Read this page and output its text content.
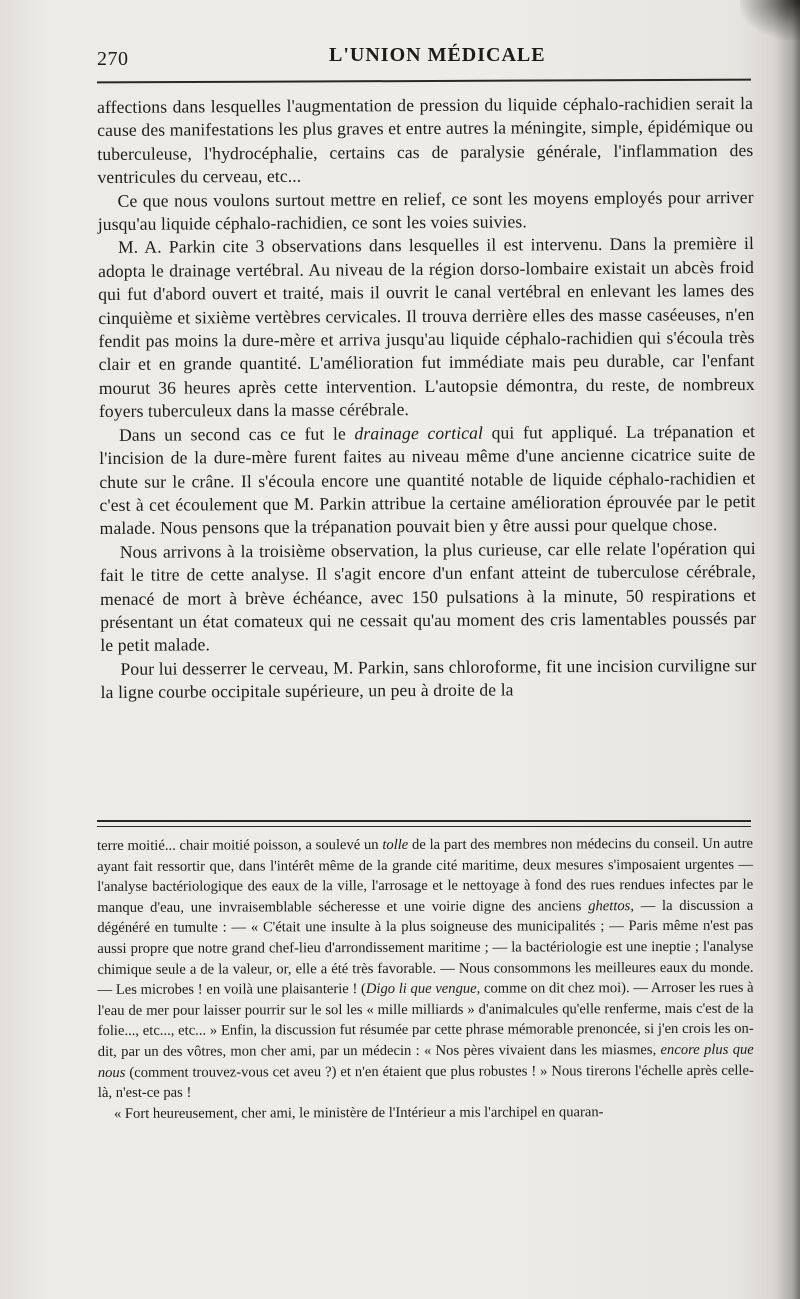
270	L'UNION MÉDICALE

affections dans lesquelles l'augmentation de pression du liquide céphalo-rachidien serait la cause des manifestations les plus graves et entre autres la méningite, simple, épidémique ou tuberculeuse, l'hydrocéphalie, certains cas de paralysie générale, l'inflammation des ventricules du cerveau, etc...

Ce que nous voulons surtout mettre en relief, ce sont les moyens employés pour arriver jusqu'au liquide céphalo-rachidien, ce sont les voies suivies.

M. A. Parkin cite 3 observations dans lesquelles il est intervenu. Dans la première il adopta le drainage vertébral. Au niveau de la région dorso-lombaire existait un abcès froid qui fut d'abord ouvert et traité, mais il ouvrit le canal vertébral en enlevant les lames des cinquième et sixième vertèbres cervicales. Il trouva derrière elles des masse caséeuses, n'en fendit pas moins la dure-mère et arriva jusqu'au liquide céphalo-rachidien qui s'écoula très clair et en grande quantité. L'amélioration fut immédiate mais peu durable, car l'enfant mourut 36 heures après cette intervention. L'autopsie démontra, du reste, de nombreux foyers tuberculeux dans la masse cérébrale.

Dans un second cas ce fut le drainage cortical qui fut appliqué. La trépanation et l'incision de la dure-mère furent faites au niveau même d'une ancienne cicatrice suite de chute sur le crâne. Il s'écoula encore une quantité notable de liquide céphalo-rachidien et c'est à cet écoulement que M. Parkin attribue la certaine amélioration éprouvée par le petit malade. Nous pensons que la trépanation pouvait bien y être aussi pour quelque chose.

Nous arrivons à la troisième observation, la plus curieuse, car elle relate l'opération qui fait le titre de cette analyse. Il s'agit encore d'un enfant atteint de tuberculose cérébrale, menacé de mort à brève échéance, avec 150 pulsations à la minute, 50 respirations et présentant un état comateux qui ne cessait qu'au moment des cris lamentables poussés par le petit malade.

Pour lui desserrer le cerveau, M. Parkin, sans chloroforme, fit une incision curviligne sur la ligne courbe occipitale supérieure, un peu à droite de la

terre moitié... chair moitié poisson, a soulevé un tolle de la part des membres non médecins du conseil. Un autre ayant fait ressortir que, dans l'intérêt même de la grande cité maritime, deux mesures s'imposaient urgentes — l'analyse bactériologique des eaux de la ville, l'arrosage et le nettoyage à fond des rues rendues infectes par le manque d'eau, une invraisemblable sécheresse et une voirie digne des anciens ghettos, — la discussion a dégénéré en tumulte : — « C'était une insulte à la plus soigneuse des municipalités ; — Paris même n'est pas aussi propre que notre grand chef-lieu d'arrondissement maritime ; — la bactériologie est une ineptie ; l'analyse chimique seule a de la valeur, or, elle a été très favorable. — Nous consommons les meilleures eaux du monde. — Les microbes ! en voilà une plaisanterie ! (Digo li que vengue, comme on dit chez moi). — Arroser les rues à l'eau de mer pour laisser pourrir sur le sol les « mille milliards » d'animalcules qu'elle renferme, mais c'est de la folie..., etc..., etc... » Enfin, la discussion fut résumée par cette phrase mémorable prenoncée, si j'en crois les on-dit, par un des vôtres, mon cher ami, par un médecin : « Nos pères vivaient dans les miasmes, encore plus que nous (comment trouvez-vous cet aveu ?) et n'en étaient que plus robustes ! » Nous tirerons l'échelle après celle-là, n'est-ce pas !

« Fort heureusement, cher ami, le ministère de l'Intérieur a mis l'archipel en quaran-
